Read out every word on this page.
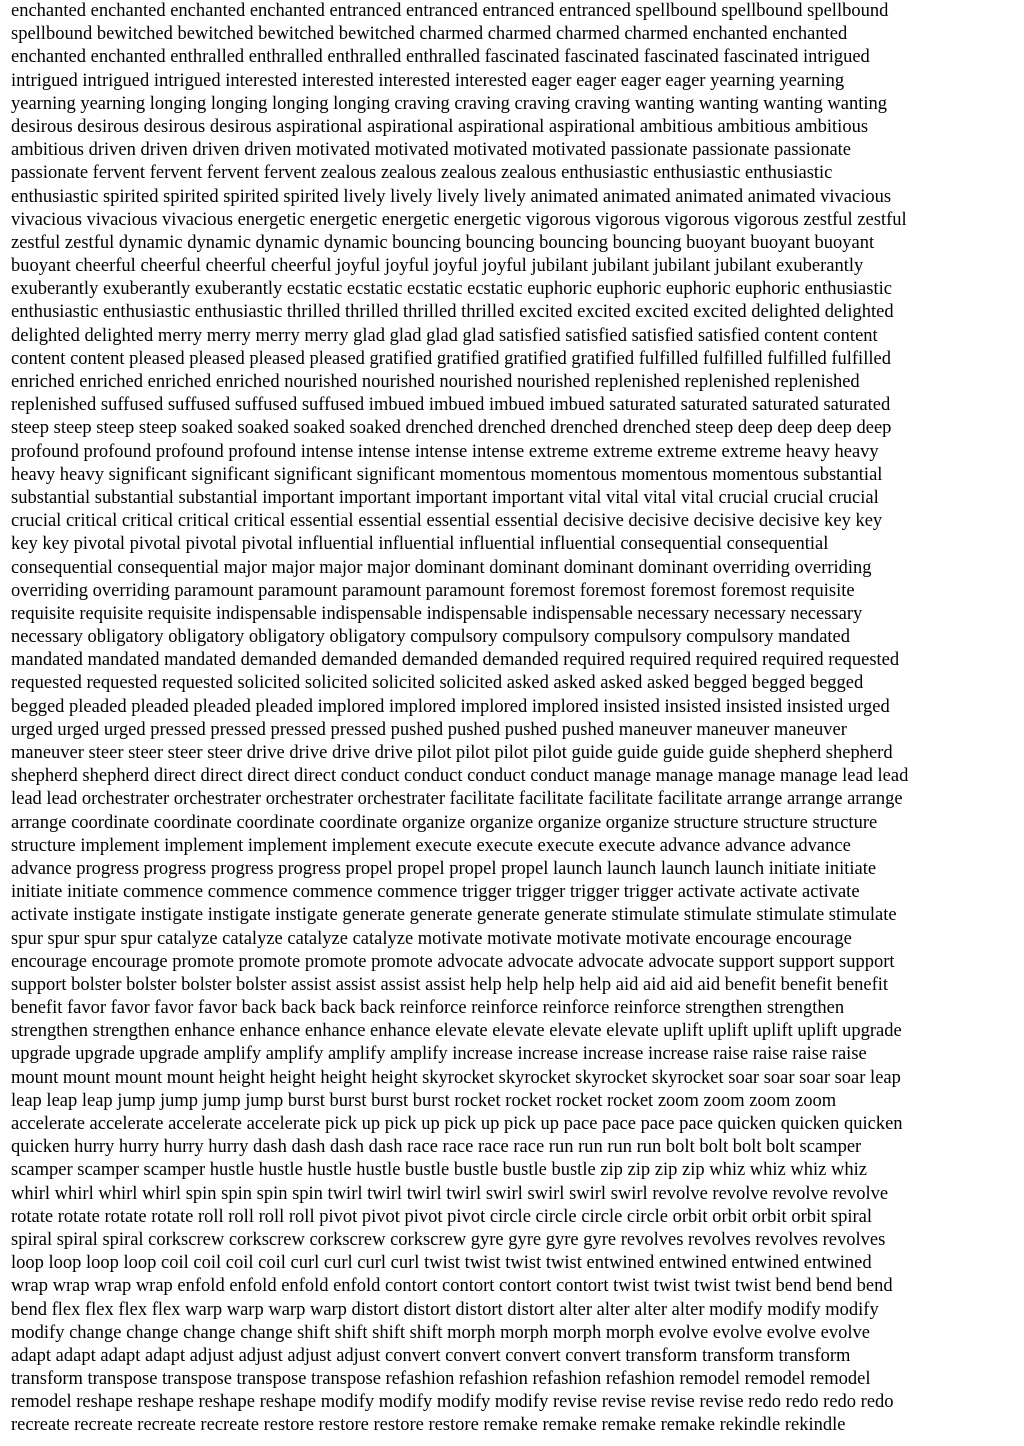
enchanted enchanted enchanted enchanted entranced entranced entranced entranced spellbound spellbound spellbound
spellbound bewitched bewitched bewitched bewitched charmed charmed charmed charmed enchanted enchanted
enchanted enchanted enthralled enthralled enthralled enthralled fascinated fascinated fascinated fascinated intrigued
intrigued intrigued intrigued interested interested interested interested eager eager eager eager yearning yearning
yearning yearning longing longing longing longing craving craving craving craving wanting wanting wanting wanting
desirous desirous desirous desirous aspirational aspirational aspirational aspirational ambitious ambitious ambitious
ambitious driven driven driven driven motivated motivated motivated motivated passionate passionate passionate
passionate fervent fervent fervent fervent zealous zealous zealous zealous enthusiastic enthusiastic enthusiastic
enthusiastic spirited spirited spirited spirited lively lively lively lively animated animated animated animated vivacious
vivacious vivacious vivacious energetic energetic energetic energetic vigorous vigorous vigorous vigorous zestful zestful
zestful zestful dynamic dynamic dynamic dynamic bouncing bouncing bouncing bouncing buoyant buoyant buoyant
buoyant cheerful cheerful cheerful cheerful joyful joyful joyful joyful jubilant jubilant jubilant jubilant exuberantly
exuberantly exuberantly exuberantly ecstatic ecstatic ecstatic ecstatic euphoric euphoric euphoric euphoric enthusiastic
enthusiastic enthusiastic enthusiastic thrilled thrilled thrilled thrilled excited excited excited excited delighted delighted
delighted delighted merry merry merry merry glad glad glad glad satisfied satisfied satisfied satisfied content content
content content pleased pleased pleased pleased gratified gratified gratified gratified fulfilled fulfilled fulfilled fulfilled
enriched enriched enriched enriched nourished nourished nourished nourished replenished replenished replenished
replenished suffused suffused suffused suffused imbued imbued imbued imbued saturated saturated saturated saturated
steep steep steep steep soaked soaked soaked soaked drenched drenched drenched drenched steep deep deep deep deep
profound profound profound profound intense intense intense intense extreme extreme extreme extreme heavy heavy
heavy heavy significant significant significant significant momentous momentous momentous momentous substantial
substantial substantial substantial important important important important vital vital vital vital crucial crucial crucial
crucial critical critical critical critical essential essential essential essential decisive decisive decisive decisive key key
key key pivotal pivotal pivotal pivotal influential influential influential influential consequential consequential
consequential consequential major major major major dominant dominant dominant dominant overriding overriding
overriding overriding paramount paramount paramount paramount foremost foremost foremost foremost requisite
requisite requisite requisite indispensable indispensable indispensable indispensable necessary necessary necessary
necessary obligatory obligatory obligatory obligatory compulsory compulsory compulsory compulsory mandated
mandated mandated mandated demanded demanded demanded demanded required required required required requested
requested requested requested solicited solicited solicited solicited asked asked asked asked begged begged begged
begged pleaded pleaded pleaded pleaded implored implored implored implored insisted insisted insisted insisted urged
urged urged urged pressed pressed pressed pressed pushed pushed pushed pushed maneuver maneuver maneuver
maneuver steer steer steer steer drive drive drive drive pilot pilot pilot pilot guide guide guide guide shepherd shepherd
shepherd shepherd direct direct direct direct conduct conduct conduct conduct manage manage manage manage lead lead
lead lead orchestrater orchestrater orchestrater orchestrater facilitate facilitate facilitate facilitate arrange arrange arrange
arrange coordinate coordinate coordinate coordinate organize organize organize organize structure structure structure
structure implement implement implement implement execute execute execute execute advance advance advance
advance progress progress progress progress propel propel propel propel launch launch launch launch initiate initiate
initiate initiate commence commence commence commence trigger trigger trigger trigger activate activate activate
activate instigate instigate instigate instigate generate generate generate generate stimulate stimulate stimulate stimulate
spur spur spur spur catalyze catalyze catalyze catalyze motivate motivate motivate motivate encourage encourage
encourage encourage promote promote promote promote advocate advocate advocate advocate support support support
support bolster bolster bolster bolster assist assist assist assist help help help help aid aid aid aid benefit benefit benefit
benefit favor favor favor favor back back back back reinforce reinforce reinforce reinforce strengthen strengthen
strengthen strengthen enhance enhance enhance enhance elevate elevate elevate elevate uplift uplift uplift uplift upgrade
upgrade upgrade upgrade amplify amplify amplify amplify increase increase increase increase raise raise raise raise
mount mount mount mount height height height height skyrocket skyrocket skyrocket skyrocket soar soar soar soar leap
leap leap leap jump jump jump jump burst burst burst burst rocket rocket rocket rocket zoom zoom zoom zoom
accelerate accelerate accelerate accelerate pick up pick up pick up pick up pace pace pace pace quicken quicken quicken
quicken hurry hurry hurry hurry dash dash dash dash race race race race run run run run bolt bolt bolt bolt scamper
scamper scamper scamper hustle hustle hustle hustle bustle bustle bustle bustle zip zip zip zip whiz whiz whiz whiz
whirl whirl whirl whirl spin spin spin spin twirl twirl twirl twirl swirl swirl swirl swirl revolve revolve revolve revolve
rotate rotate rotate rotate roll roll roll roll pivot pivot pivot pivot circle circle circle circle orbit orbit orbit orbit spiral
spiral spiral spiral corkscrew corkscrew corkscrew corkscrew gyre gyre gyre gyre revolves revolves revolves revolves
loop loop loop loop coil coil coil coil curl curl curl curl twist twist twist twist entwined entwined entwined entwined
wrap wrap wrap wrap enfold enfold enfold enfold contort contort contort contort twist twist twist twist bend bend bend
bend flex flex flex flex warp warp warp warp distort distort distort distort alter alter alter alter modify modify modify
modify change change change change shift shift shift shift morph morph morph morph evolve evolve evolve evolve
adapt adapt adapt adapt adjust adjust adjust adjust convert convert convert convert transform transform transform
transform transpose transpose transpose transpose refashion refashion refashion refashion remodel remodel remodel
remodel reshape reshape reshape reshape modify modify modify modify revise revise revise revise redo redo redo redo
recreate recreate recreate recreate restore restore restore restore remake remake remake remake rekindle rekindle
